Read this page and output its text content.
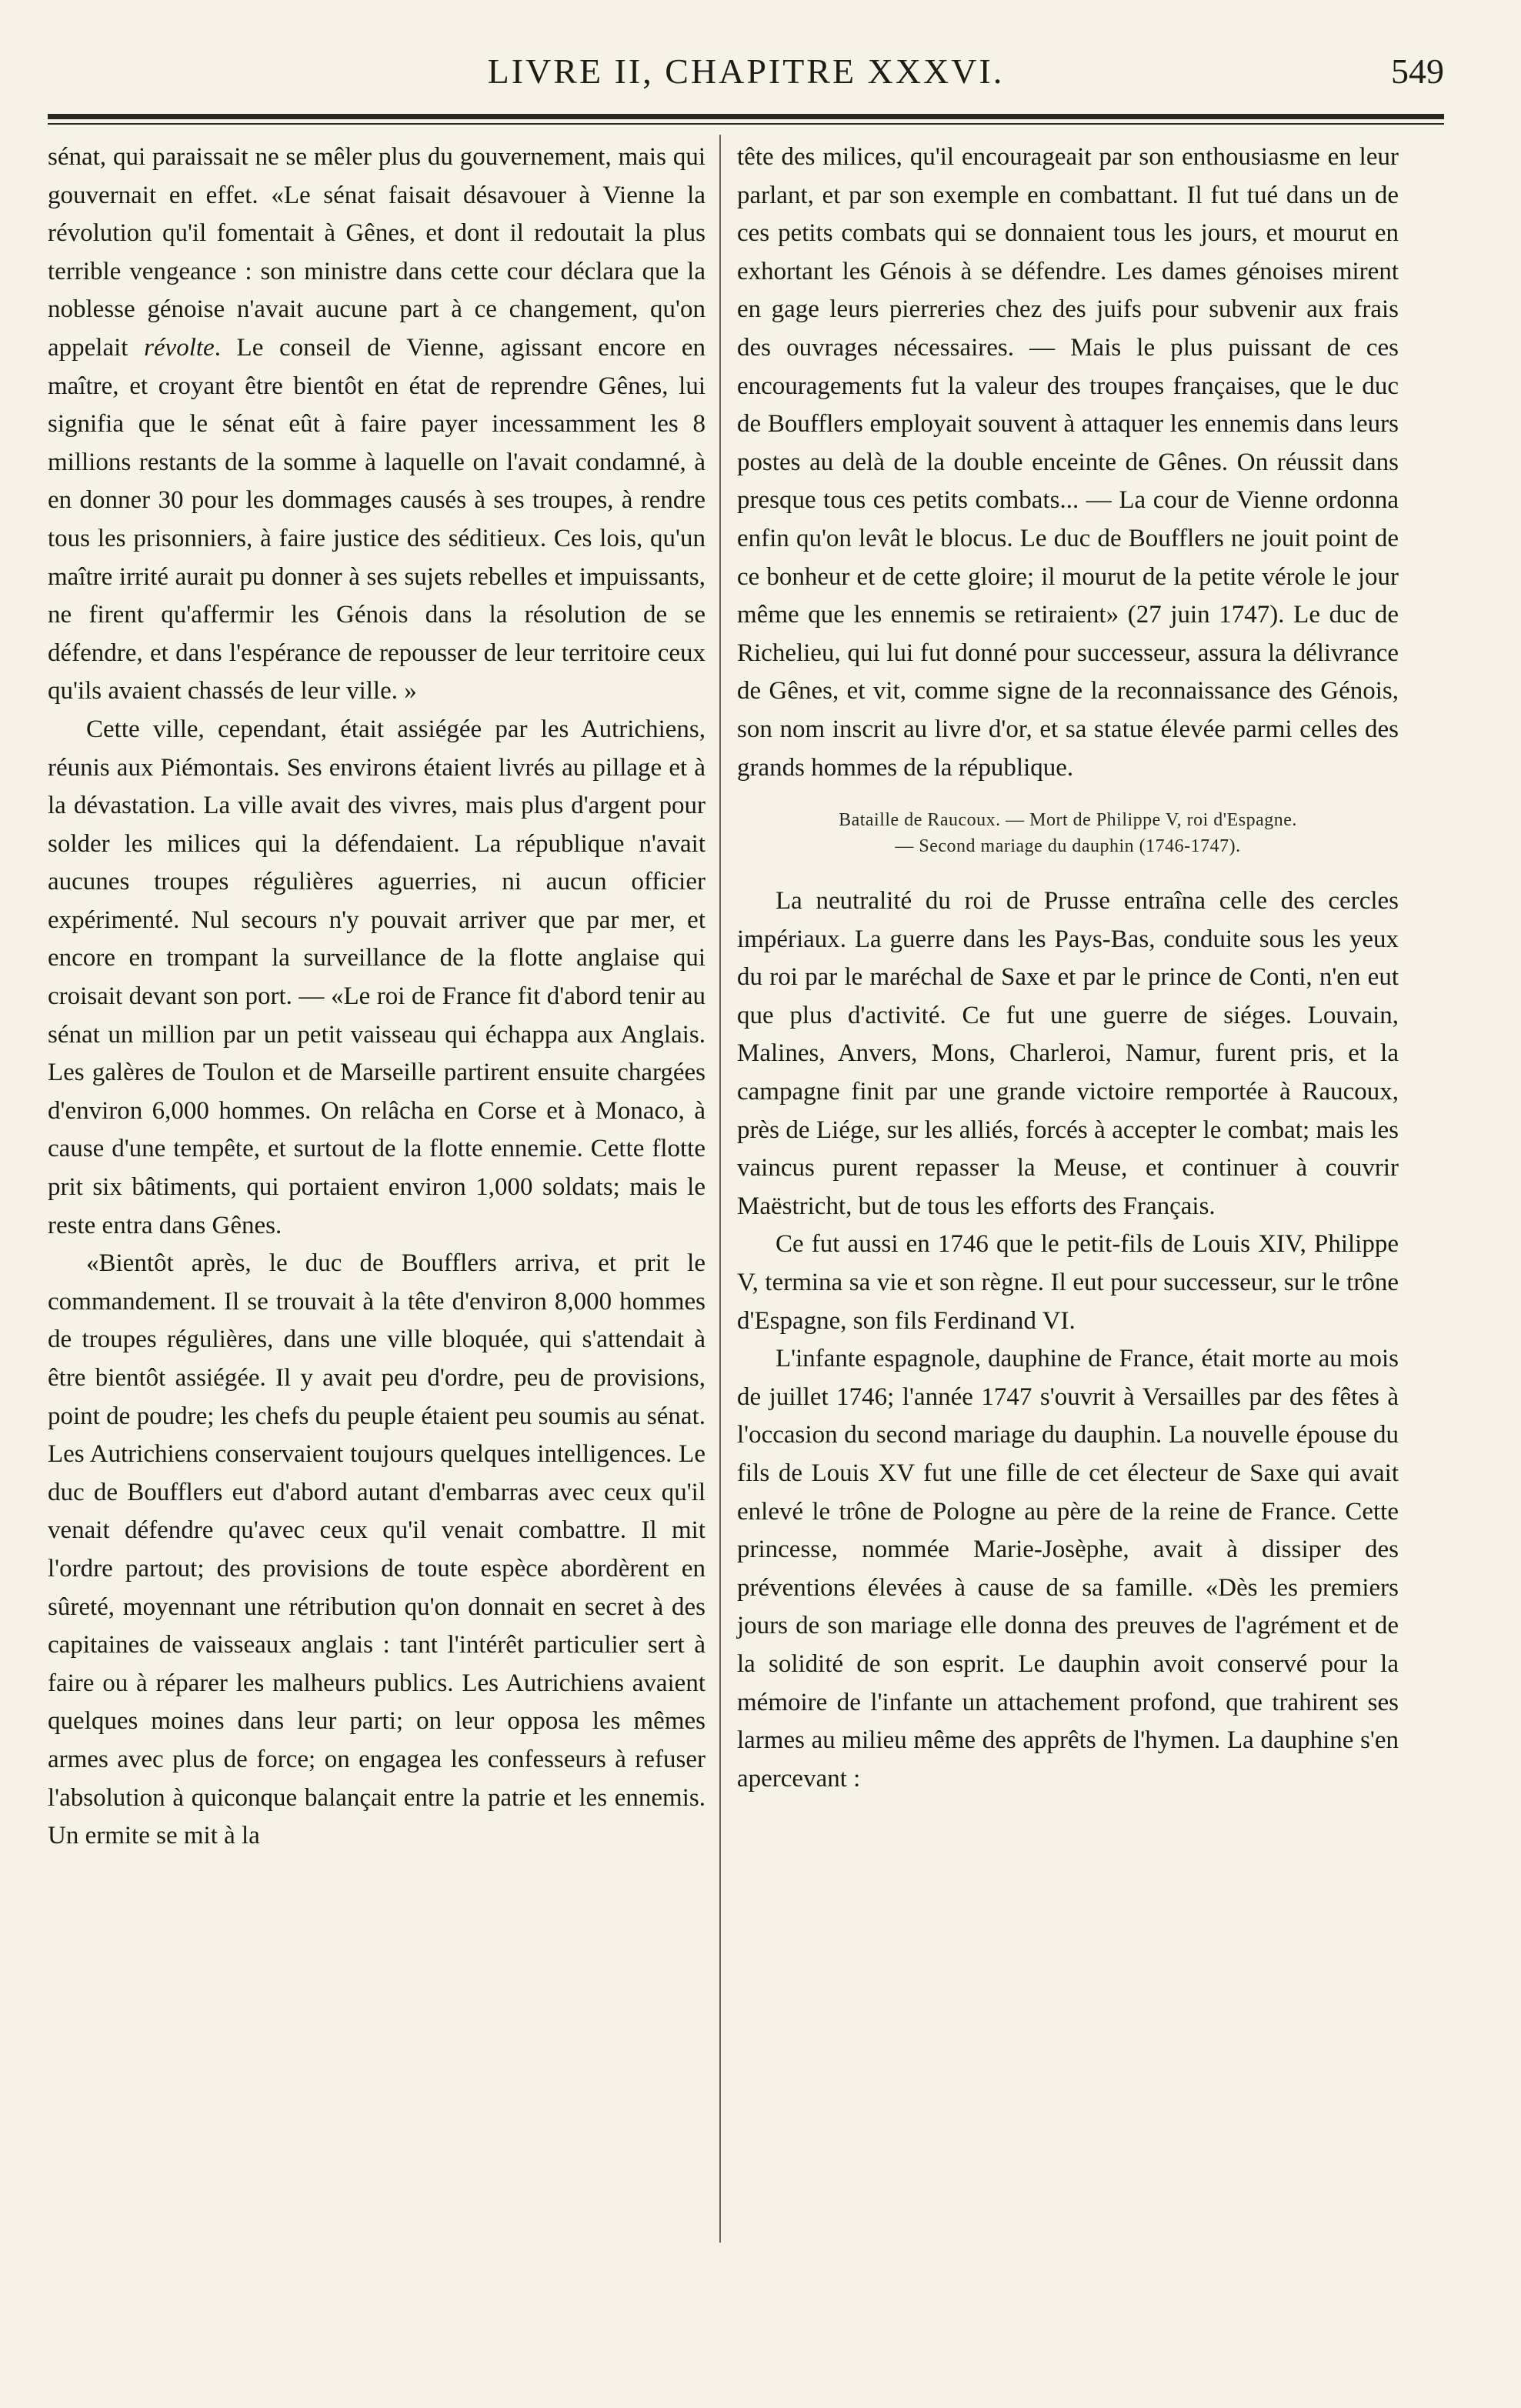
LIVRE II, CHAPITRE XXXVI.	549

sénat, qui paraissait ne se mêler plus du gouvernement, mais qui gouvernait en effet. «Le sénat faisait désavouer à Vienne la révolution qu'il fomentait à Gênes, et dont il redoutait la plus terrible vengeance : son ministre dans cette cour déclara que la noblesse génoise n'avait aucune part à ce changement, qu'on appelait révolte. Le conseil de Vienne, agissant encore en maître, et croyant être bientôt en état de reprendre Gênes, lui signifia que le sénat eût à faire payer incessamment les 8 millions restants de la somme à laquelle on l'avait condamné, à en donner 30 pour les dommages causés à ses troupes, à rendre tous les prisonniers, à faire justice des séditieux. Ces lois, qu'un maître irrité aurait pu donner à ses sujets rebelles et impuissants, ne firent qu'affermir les Génois dans la résolution de se défendre, et dans l'espérance de repousser de leur territoire ceux qu'ils avaient chassés de leur ville. »

Cette ville, cependant, était assiégée par les Autrichiens, réunis aux Piémontais. Ses environs étaient livrés au pillage et à la dévastation. La ville avait des vivres, mais plus d'argent pour solder les milices qui la défendaient. La république n'avait aucunes troupes régulières aguerries, ni aucun officier expérimenté. Nul secours n'y pouvait arriver que par mer, et encore en trompant la surveillance de la flotte anglaise qui croisait devant son port. — «Le roi de France fit d'abord tenir au sénat un million par un petit vaisseau qui échappa aux Anglais. Les galères de Toulon et de Marseille partirent ensuite chargées d'environ 6,000 hommes. On relâcha en Corse et à Monaco, à cause d'une tempête, et surtout de la flotte ennemie. Cette flotte prit six bâtiments, qui portaient environ 1,000 soldats; mais le reste entra dans Gênes.

«Bientôt après, le duc de Boufflers arriva, et prit le commandement. Il se trouvait à la tête d'environ 8,000 hommes de troupes régulières, dans une ville bloquée, qui s'attendait à être bientôt assiégée. Il y avait peu d'ordre, peu de provisions, point de poudre; les chefs du peuple étaient peu soumis au sénat. Les Autrichiens conservaient toujours quelques intelligences. Le duc de Boufflers eut d'abord autant d'embarras avec ceux qu'il venait défendre qu'avec ceux qu'il venait combattre. Il mit l'ordre partout; des provisions de toute espèce abordèrent en sûreté, moyennant une rétribution qu'on donnait en secret à des capitaines de vaisseaux anglais : tant l'intérêt particulier sert à faire ou à réparer les malheurs publics. Les Autrichiens avaient quelques moines dans leur parti; on leur opposa les mêmes armes avec plus de force; on engagea les confesseurs à refuser l'absolution à quiconque balançait entre la patrie et les ennemis. Un ermite se mit à la

tête des milices, qu'il encourageait par son enthousiasme en leur parlant, et par son exemple en combattant. Il fut tué dans un de ces petits combats qui se donnaient tous les jours, et mourut en exhortant les Génois à se défendre. Les dames génoises mirent en gage leurs pierreries chez des juifs pour subvenir aux frais des ouvrages nécessaires. — Mais le plus puissant de ces encouragements fut la valeur des troupes françaises, que le duc de Boufflers employait souvent à attaquer les ennemis dans leurs postes au delà de la double enceinte de Gênes. On réussit dans presque tous ces petits combats... — La cour de Vienne ordonna enfin qu'on levât le blocus. Le duc de Boufflers ne jouit point de ce bonheur et de cette gloire; il mourut de la petite vérole le jour même que les ennemis se retiraient» (27 juin 1747). Le duc de Richelieu, qui lui fut donné pour successeur, assura la délivrance de Gênes, et vit, comme signe de la reconnaissance des Génois, son nom inscrit au livre d'or, et sa statue élevée parmi celles des grands hommes de la république.

Bataille de Raucoux. — Mort de Philippe V, roi d'Espagne.
— Second mariage du dauphin (1746-1747).

La neutralité du roi de Prusse entraîna celle des cercles impériaux. La guerre dans les Pays-Bas, conduite sous les yeux du roi par le maréchal de Saxe et par le prince de Conti, n'en eut que plus d'activité. Ce fut une guerre de siéges. Louvain, Malines, Anvers, Mons, Charleroi, Namur, furent pris, et la campagne finit par une grande victoire remportée à Raucoux, près de Liége, sur les alliés, forcés à accepter le combat; mais les vaincus purent repasser la Meuse, et continuer à couvrir Maëstricht, but de tous les efforts des Français.

Ce fut aussi en 1746 que le petit-fils de Louis XIV, Philippe V, termina sa vie et son règne. Il eut pour successeur, sur le trône d'Espagne, son fils Ferdinand VI.

L'infante espagnole, dauphine de France, était morte au mois de juillet 1746; l'année 1747 s'ouvrit à Versailles par des fêtes à l'occasion du second mariage du dauphin. La nouvelle épouse du fils de Louis XV fut une fille de cet électeur de Saxe qui avait enlevé le trône de Pologne au père de la reine de France. Cette princesse, nommée Marie-Josèphe, avait à dissiper des préventions élevées à cause de sa famille. «Dès les premiers jours de son mariage elle donna des preuves de l'agrément et de la solidité de son esprit. Le dauphin avoit conservé pour la mémoire de l'infante un attachement profond, que trahirent ses larmes au milieu même des apprêts de l'hymen. La dauphine s'en apercevant :
